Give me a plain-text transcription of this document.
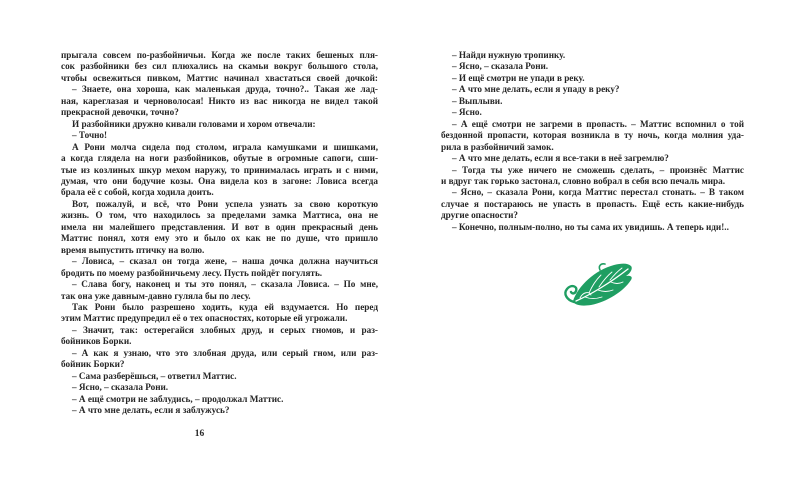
прыгала совсем по-разбойничьи. Когда же после таких бешеных пля-
сок разбойники без сил плюхались на скамьи вокруг большого стола,
чтобы освежиться пивком, Маттис начинал хвастаться своей дочкой:
– Знаете, она хороша, как маленькая друда, точно?.. Такая же лад-
ная, кареглазая и черноволосая! Никто из вас никогда не видел такой
прекрасной девочки, точно?
И разбойники дружно кивали головами и хором отвечали:
– Точно!
А Рони молча сидела под столом, играла камушками и шишками,
а когда глядела на ноги разбойников, обутые в огромные сапоги, сши-
тые из козлиных шкур мехом наружу, то принималась играть и с ними,
думая, что они бодучие козы. Она видела коз в загоне: Ловиса всегда
брала её с собой, когда ходила доить.
Вот, пожалуй, и всё, что Рони успела узнать за свою короткую
жизнь. О том, что находилось за пределами замка Маттиса, она не
имела ни малейшего представления. И вот в один прекрасный день
Маттис понял, хотя ему это и было ох как не по душе, что пришло
время выпустить птичку на волю.
– Ловиса, – сказал он тогда жене, – наша дочка должна научиться
бродить по моему разбойничьему лесу. Пусть пойдёт погулять.
– Слава богу, наконец и ты это понял, – сказала Ловиса. – По мне,
так она уже давным-давно гуляла бы по лесу.
Так Рони было разрешено ходить, куда ей вздумается. Но перед
этим Маттис предупредил её о тех опасностях, которые ей угрожали.
– Значит, так: остерегайся злобных друд, и серых гномов, и раз-
бойников Борки.
– А как я узнаю, что это злобная друда, или серый гном, или раз-
бойник Борки?
– Сама разберёшься, – ответил Маттис.
– Ясно, – сказала Рони.
– А ещё смотри не заблудись, – продолжал Маттис.
– А что мне делать, если я заблужусь?
16
– Найди нужную тропинку.
– Ясно, – сказала Рони.
– И ещё смотри не упади в реку.
– А что мне делать, если я упаду в реку?
– Выплыви.
– Ясно.
– А ещё смотри не загреми в пропасть. – Маттис вспомнил о той
бездонной пропасти, которая возникла в ту ночь, когда молния уда-
рила в разбойничий замок.
– А что мне делать, если я все-таки в неё загремлю?
– Тогда ты уже ничего не сможешь сделать, – произнёс Маттис
и вдруг так горько застонал, словно вобрал в себя всю печаль мира.
– Ясно, – сказала Рони, когда Маттис перестал стонать. – В таком
случае я постараюсь не упасть в пропасть. Ещё есть какие-нибудь
другие опасности?
– Конечно, полным-полно, но ты сама их увидишь. А теперь иди!..
